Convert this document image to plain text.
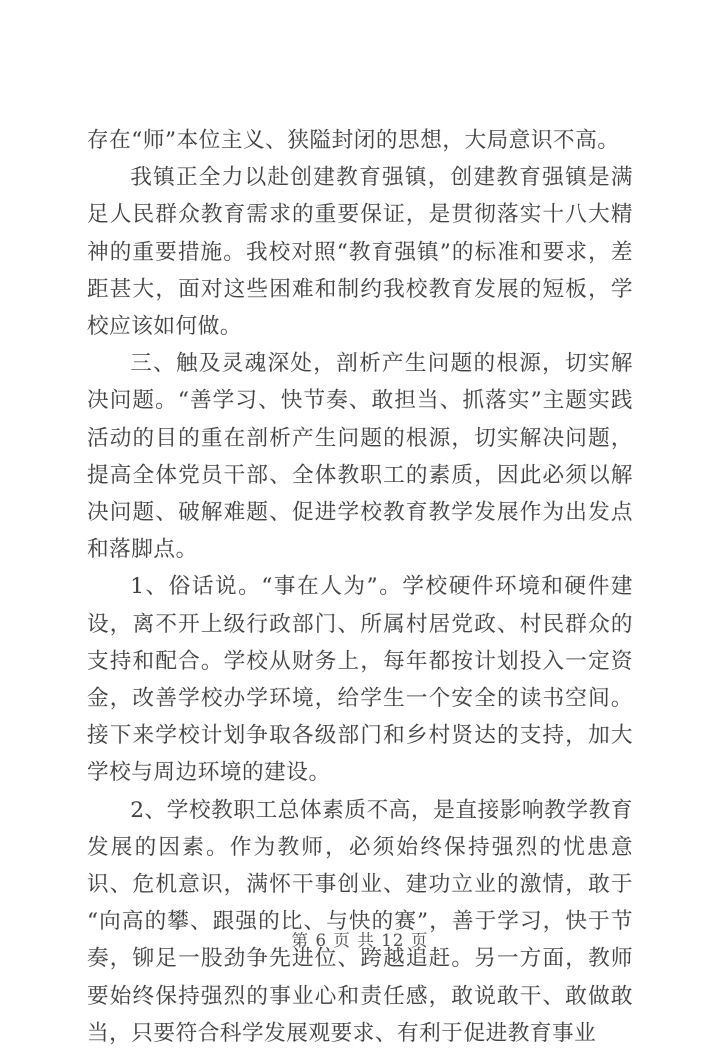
存在“师”本位主义、狭隘封闭的思想，大局意识不高。

我镇正全力以赴创建教育强镇，创建教育强镇是满足人民群众教育需求的重要保证，是贯彻落实十八大精神的重要措施。我校对照“教育强镇”的标准和要求，差距甚大，面对这些困难和制约我校教育发展的短板，学校应该如何做。

三、触及灵魂深处，剖析产生问题的根源，切实解决问题。“善学习、快节奏、敢担当、抓落实”主题实践活动的目的重在剖析产生问题的根源，切实解决问题，提高全体党员干部、全体教职工的素质，因此必须以解决问题、破解难题、促进学校教育教学发展作为出发点和落脚点。

1、俗话说。“事在人为”。学校硬件环境和硬件建设，离不开上级行政部门、所属村居党政、村民群众的支持和配合。学校从财务上，每年都按计划投入一定资金，改善学校办学环境，给学生一个安全的读书空间。接下来学校计划争取各级部门和乡村贤达的支持，加大学校与周边环境的建设。

2、学校教职工总体素质不高，是直接影响教学教育发展的因素。作为教师，必须始终保持强烈的忧患意识、危机意识，满怀干事创业、建功立业的激情，敢于“向高的攀、跟强的比、与快的赛”，善于学习，快于节奏，铆足一股劲争先进位、跨越追赶。另一方面，教师要始终保持强烈的事业心和责任感，敢说敢干、敢做敢当，只要符合科学发展观要求、有利于促进教育事业

第 6 页 共 12 页
